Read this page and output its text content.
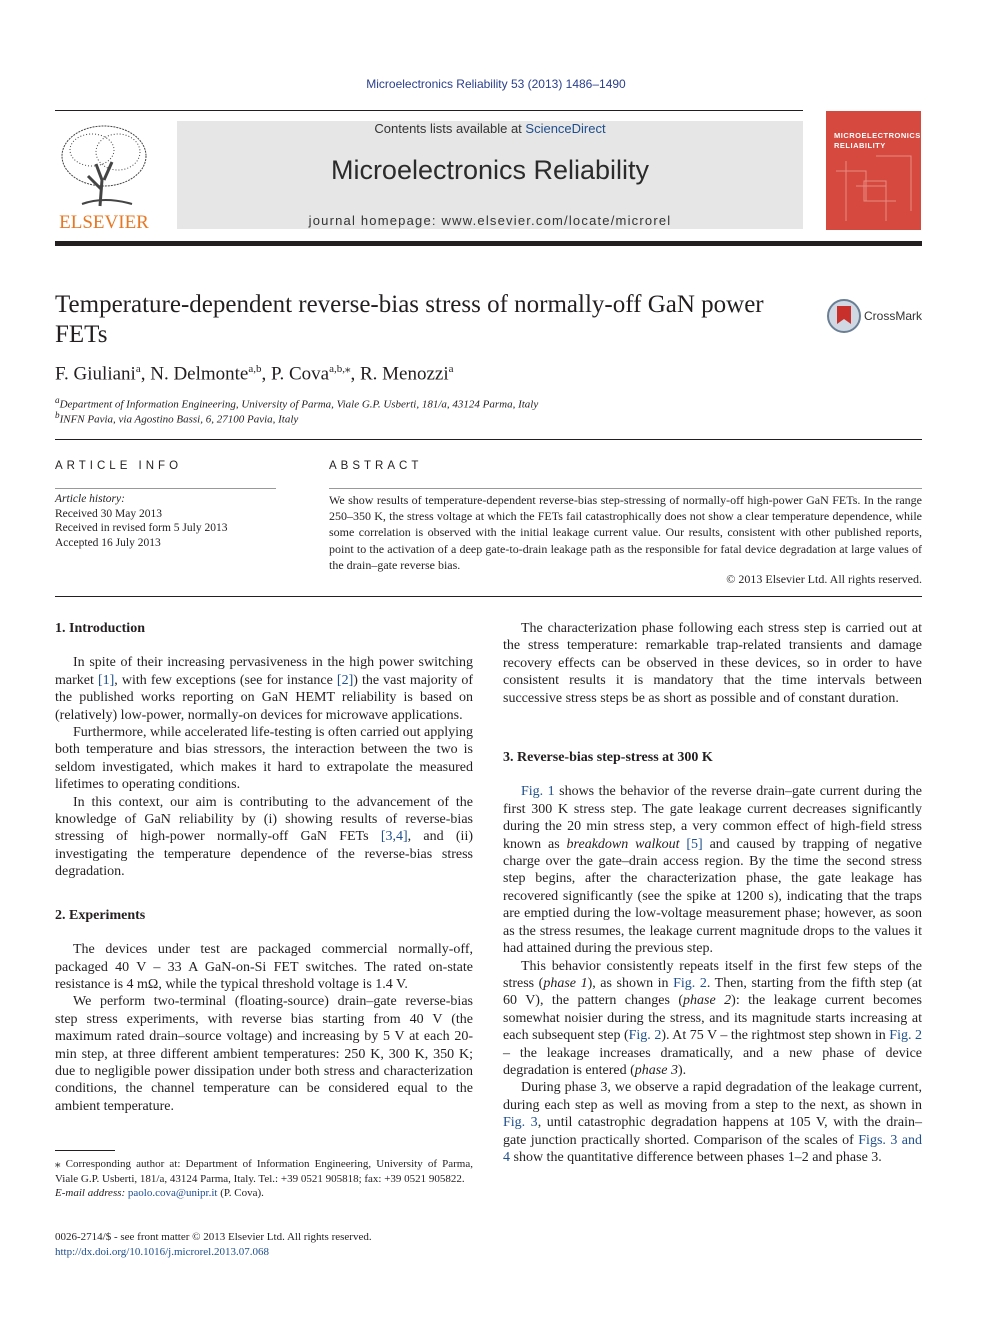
Microelectronics Reliability 53 (2013) 1486–1490
ELSEVIER
Contents lists available at ScienceDirect
Microelectronics Reliability
journal homepage: www.elsevier.com/locate/microrel
MICROELECTRONICS RELIABILITY
Temperature-dependent reverse-bias stress of normally-off GaN power FETs
CrossMark
F. Giuliani$^a$, N. Delmonte$^{a,b}$, P. Cova$^{a,b,⁎}$, R. Menozzi$^a$
$^a$Department of Information Engineering, University of Parma, Viale G.P. Usberti, 181/a, 43124 Parma, Italy
$^b$INFN Pavia, via Agostino Bassi, 6, 27100 Pavia, Italy
ARTICLE INFO	ABSTRACT
Article history:
Received 30 May 2013
Received in revised form 5 July 2013
Accepted 16 July 2013
We show results of temperature-dependent reverse-bias step-stressing of normally-off high-power GaN FETs. In the range 250–350 K, the stress voltage at which the FETs fail catastrophically does not show a clear temperature dependence, while some correlation is observed with the initial leakage current value. Our results, consistent with other published reports, point to the activation of a deep gate-to-drain leakage path as the responsible for fatal device degradation at large values of the drain–gate reverse bias.
© 2013 Elsevier Ltd. All rights reserved.
1. Introduction

In spite of their increasing pervasiveness in the high power switching market [1], with few exceptions (see for instance [2]) the vast majority of the published works reporting on GaN HEMT reliability is based on (relatively) low-power, normally-on devices for microwave applications.

Furthermore, while accelerated life-testing is often carried out applying both temperature and bias stressors, the interaction between the two is seldom investigated, which makes it hard to extrapolate the measured lifetimes to operating conditions.

In this context, our aim is contributing to the advancement of the knowledge of GaN reliability by (i) showing results of reverse-bias stressing of high-power normally-off GaN FETs [3,4], and (ii) investigating the temperature dependence of the reverse-bias stress degradation.

2. Experiments

The devices under test are packaged commercial normally-off, packaged 40 V – 33 A GaN-on-Si FET switches. The rated on-state resistance is 4 mΩ, while the typical threshold voltage is 1.4 V.

We perform two-terminal (floating-source) drain–gate reverse-bias step stress experiments, with reverse bias starting from 40 V (the maximum rated drain–source voltage) and increasing by 5 V at each 20-min step, at three different ambient temperatures: 250 K, 300 K, 350 K; due to negligible power dissipation under both stress and characterization conditions, the channel temperature can be considered equal to the ambient temperature.

⁎ Corresponding author at: Department of Information Engineering, University of Parma, Viale G.P. Usberti, 181/a, 43124 Parma, Italy. Tel.: +39 0521 905818; fax: +39 0521 905822.
E-mail address: paolo.cova@unipr.it (P. Cova).
0026-2714/$ - see front matter © 2013 Elsevier Ltd. All rights reserved.
http://dx.doi.org/10.1016/j.microrel.2013.07.068

The characterization phase following each stress step is carried out at the stress temperature: remarkable trap-related transients and damage recovery effects can be observed in these devices, so in order to have consistent results it is mandatory that the time intervals between successive stress steps be as short as possible and of constant duration.

3. Reverse-bias step-stress at 300 K

Fig. 1 shows the behavior of the reverse drain–gate current during the first 300 K stress step. The gate leakage current decreases significantly during the 20 min stress step, a very common effect of high-field stress known as breakdown walkout [5] and caused by trapping of negative charge over the gate–drain access region. By the time the second stress step begins, after the characterization phase, the gate leakage has recovered significantly (see the spike at 1200 s), indicating that the traps are emptied during the low-voltage measurement phase; however, as soon as the stress resumes, the leakage current magnitude drops to the values it had attained during the previous step.

This behavior consistently repeats itself in the first few steps of the stress (phase 1), as shown in Fig. 2. Then, starting from the fifth step (at 60 V), the pattern changes (phase 2): the leakage current becomes somewhat noisier during the stress, and its magnitude starts increasing at each subsequent step (Fig. 2). At 75 V – the rightmost step shown in Fig. 2 – the leakage increases dramatically, and a new phase of device degradation is entered (phase 3).

During phase 3, we observe a rapid degradation of the leakage current, during each step as well as moving from a step to the next, as shown in Fig. 3, until catastrophic degradation happens at 105 V, with the drain–gate junction practically shorted. Comparison of the scales of Figs. 3 and 4 show the quantitative difference between phases 1–2 and phase 3.
